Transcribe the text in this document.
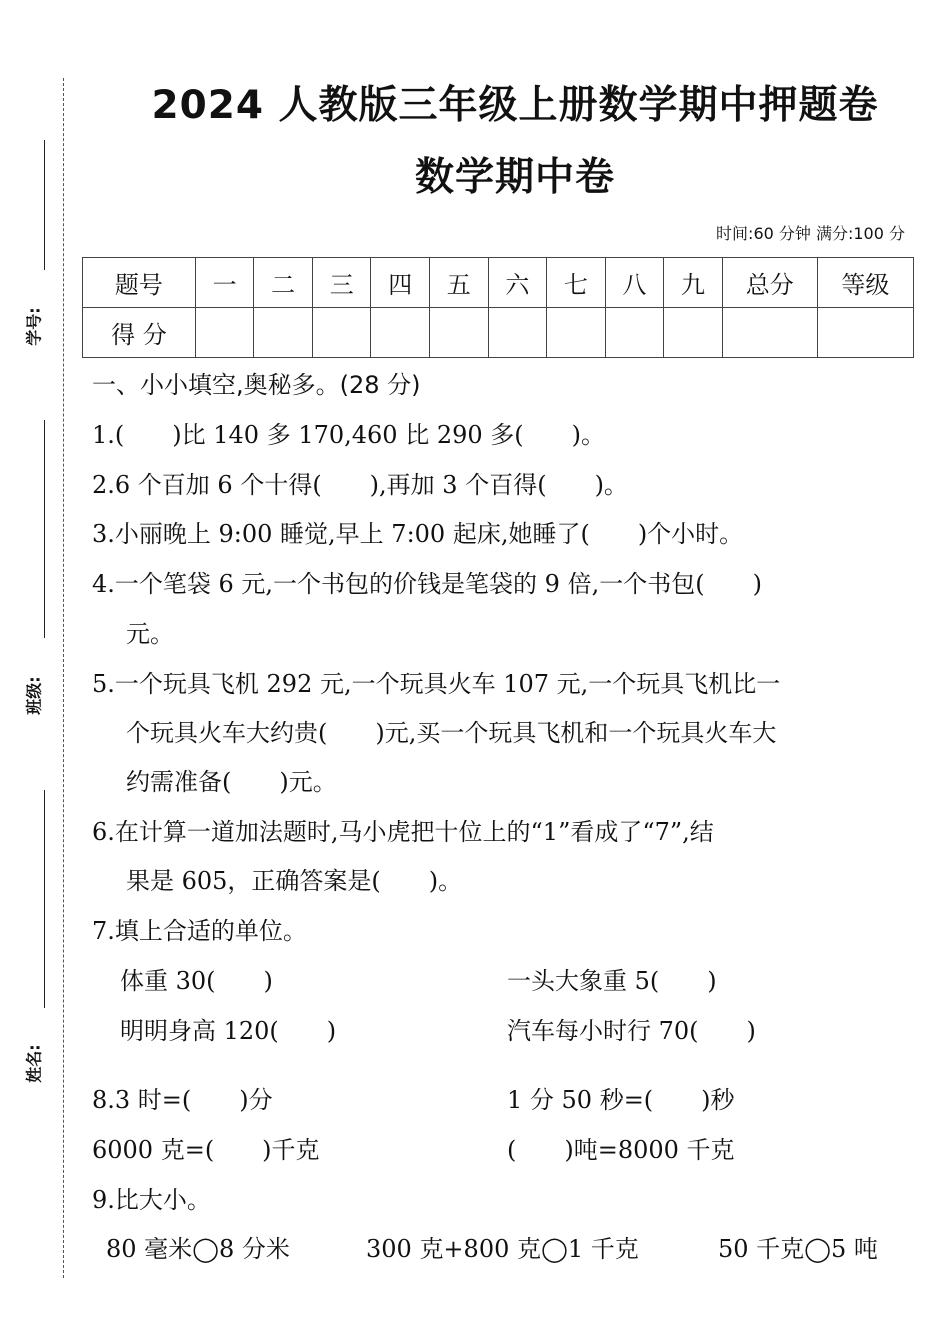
学号:
班级:
姓名:
2024 人教版三年级上册数学期中押题卷
数学期中卷
时间:60 分钟 满分:100 分
题号	一	二	三	四	五	六	七	八	九	总分	等级
得 分											
一、小小填空,奥秘多。(28 分)
1.(　　)比 140 多 170,460 比 290 多(　　)。
2.6 个百加 6 个十得(　　),再加 3 个百得(　　)。
3.小丽晚上 9:00 睡觉,早上 7:00 起床,她睡了(　　)个小时。
4.一个笔袋 6 元,一个书包的价钱是笔袋的 9 倍,一个书包(　　)
元。
5.一个玩具飞机 292 元,一个玩具火车 107 元,一个玩具飞机比一
个玩具火车大约贵(　　)元,买一个玩具飞机和一个玩具火车大
约需准备(　　)元。
6.在计算一道加法题时,马小虎把十位上的“1”看成了“7”,结
果是 605，正确答案是(　　)。
7.填上合适的单位。
体重 30(　　)	一头大象重 5(　　)
明明身高 120(　　)	汽车每小时行 70(　　)
8.3 时=(　　)分	1 分 50 秒=(　　)秒
6000 克=(　　)千克	(　　)吨=8000 千克
9.比大小。
80 毫米◯8 分米	300 克+800 克◯1 千克	50 千克◯5 吨
